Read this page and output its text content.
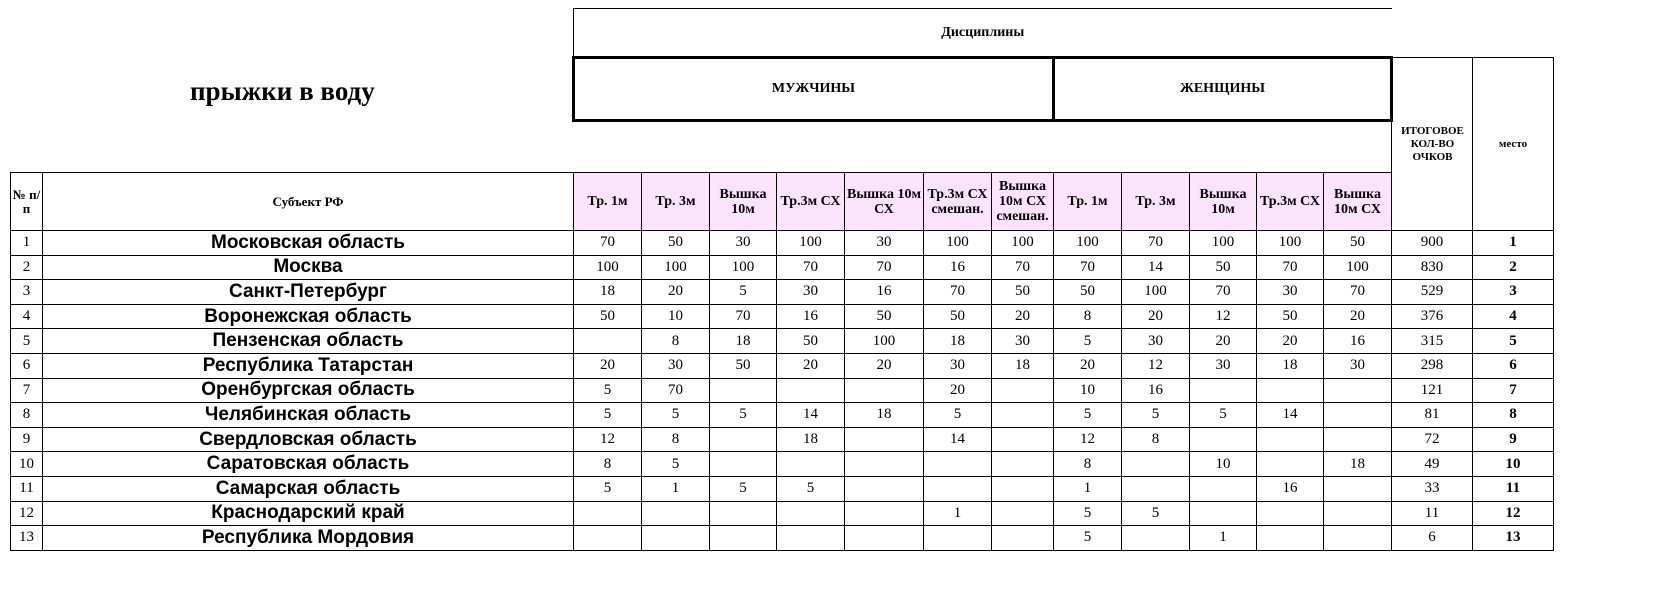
прыжки в воду
		Дисциплины													
		МУЖЧИНЫ							ЖЕНЩИНЫ					ИТОГОВОЕ КОЛ-ВО ОЧКОВ	место

№ п/п	Субъект РФ	Тр. 1м	Тр. 3м	Вышка 10м	Тр.3м СХ	Вышка 10м СХ	Тр.3м СХ смешан.	Вышка 10м СХ смешан.	Тр. 1м	Тр. 3м	Вышка 10м	Тр.3м СХ	Вышка 10м СХ		
1	Московская область	70	50	30	100	30	100	100	100	70	100	100	50	900	1
2	Москва	100	100	100	70	70	16	70	70	14	50	70	100	830	2
3	Санкт-Петербург	18	20	5	30	16	70	50	50	100	70	30	70	529	3
4	Воронежская область	50	10	70	16	50	50	20	8	20	12	50	20	376	4
5	Пензенская область		8	18	50	100	18	30	5	30	20	20	16	315	5
6	Республика Татарстан	20	30	50	20	20	30	18	20	12	30	18	30	298	6
7	Оренбургская область	5	70				20		10	16				121	7
8	Челябинская область	5	5	5	14	18	5		5	5	5	14		81	8
9	Свердловская область	12	8		18		14		12	8				72	9
10	Саратовская область	8	5						8		10		18	49	10
11	Самарская область	5	1	5	5				1			16		33	11
12	Краснодарский край						1		5	5				11	12
13	Республика Мордовия								5		1			6	13
